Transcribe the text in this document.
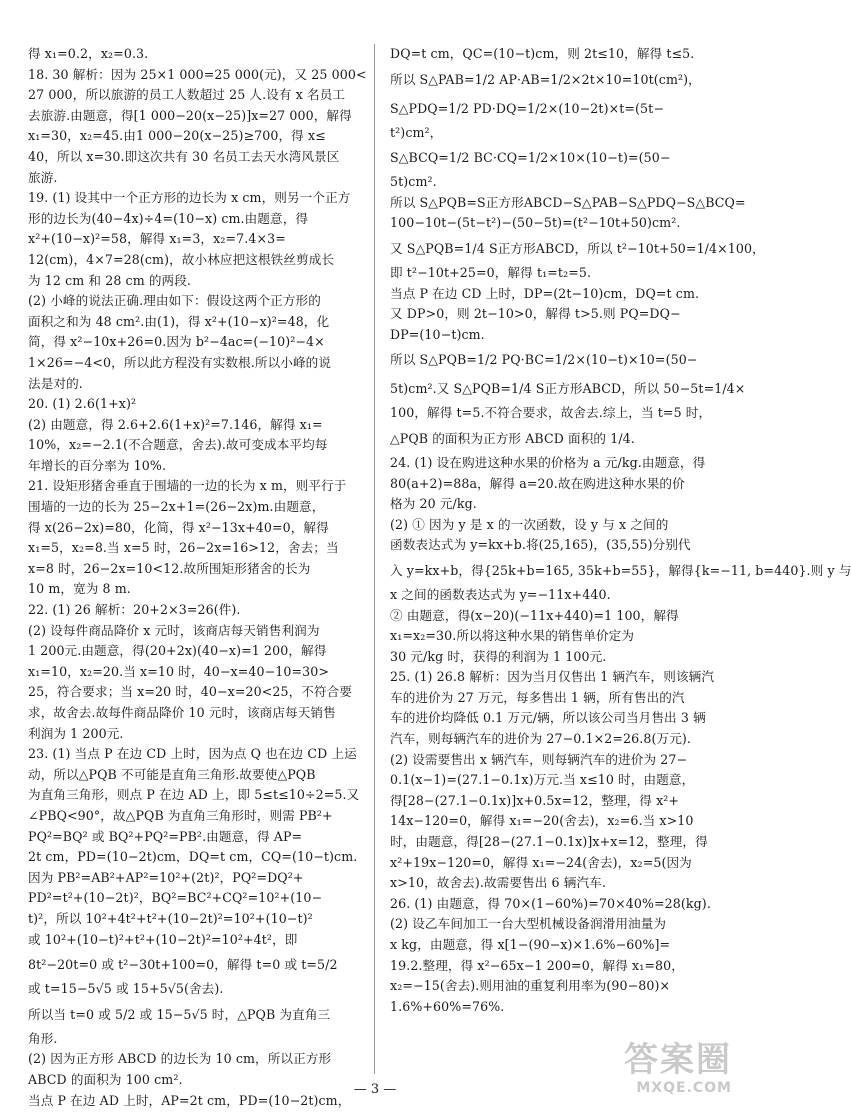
得 x₁=0.2，x₂=0.3.
18. 30 解析：因为 25×1 000=25 000(元)，又 25 000<
27 000，所以旅游的员工人数超过 25 人.设有 x 名员工
去旅游.由题意，得[1 000−20(x−25)]x=27 000，解得
x₁=30，x₂=45.由1 000−20(x−25)≥700，得 x≤
40，所以 x=30.即这次共有 30 名员工去天水湾风景区
旅游.
19. (1) 设其中一个正方形的边长为 x cm，则另一个正方
形的边长为(40−4x)÷4=(10−x) cm.由题意，得
x²+(10−x)²=58，解得 x₁=3，x₂=7.4×3=
12(cm)，4×7=28(cm)，故小林应把这根铁丝剪成长
为 12 cm 和 28 cm 的两段.
(2) 小峰的说法正确.理由如下：假设这两个正方形的
面积之和为 48 cm².由(1)，得 x²+(10−x)²=48，化
简，得 x²−10x+26=0.因为 b²−4ac=(−10)²−4×
1×26=−4<0，所以此方程没有实数根.所以小峰的说
法是对的.
20. (1) 2.6(1+x)²
(2) 由题意，得 2.6+2.6(1+x)²=7.146，解得 x₁=
10%，x₂=−2.1(不合题意，舍去).故可变成本平均每
年增长的百分率为 10%.
21. 设矩形猪舍垂直于围墙的一边的长为 x m，则平行于
围墙的一边的长为 25−2x+1=(26−2x)m.由题意，
得 x(26−2x)=80，化简，得 x²−13x+40=0，解得
x₁=5，x₂=8.当 x=5 时，26−2x=16>12，舍去；当
x=8 时，26−2x=10<12.故所围矩形猪舍的长为
10 m，宽为 8 m.
22. (1) 26 解析：20+2×3=26(件).
(2) 设每件商品降价 x 元时，该商店每天销售利润为
1 200元.由题意，得(20+2x)(40−x)=1 200，解得
x₁=10，x₂=20.当 x=10 时，40−x=40−10=30>
25，符合要求；当 x=20 时，40−x=20<25，不符合要
求，故舍去.故每件商品降价 10 元时，该商店每天销售
利润为 1 200元.
23. (1) 当点 P 在边 CD 上时，因为点 Q 也在边 CD 上运
动，所以△PQB 不可能是直角三角形.故要使△PQB
为直角三角形，则点 P 在边 AD 上，即 5≤t≤10÷2=5.又
∠PBQ<90°，故△PQB 为直角三角形时，则需 PB²+
PQ²=BQ² 或 BQ²+PQ²=PB².由题意，得 AP=
2t cm，PD=(10−2t)cm，DQ=t cm，CQ=(10−t)cm.
因为 PB²=AB²+AP²=10²+(2t)²，PQ²=DQ²+
PD²=t²+(10−2t)²，BQ²=BC²+CQ²=10²+(10−
t)²，所以 10²+4t²+t²+(10−2t)²=10²+(10−t)²
或 10²+(10−t)²+t²+(10−2t)²=10²+4t²，即
8t²−20t=0 或 t²−30t+100=0，解得 t=0 或 t=5/2
或 t=15−5√5 或 15+5√5(舍去).
所以当 t=0 或 5/2 或 15−5√5 时，△PQB 为直角三
角形.
(2) 因为正方形 ABCD 的边长为 10 cm，所以正方形
ABCD 的面积为 100 cm².
当点 P 在边 AD 上时，AP=2t cm，PD=(10−2t)cm，
DQ=t cm，QC=(10−t)cm，则 2t≤10，解得 t≤5.
所以 S△PAB=1/2 AP·AB=1/2×2t×10=10t(cm²)，
S△PDQ=1/2 PD·DQ=1/2×(10−2t)×t=(5t−
t²)cm²，
S△BCQ=1/2 BC·CQ=1/2×10×(10−t)=(50−
5t)cm².
所以 S△PQB=S正方形ABCD−S△PAB−S△PDQ−S△BCQ=
100−10t−(5t−t²)−(50−5t)=(t²−10t+50)cm².
又 S△PQB=1/4 S正方形ABCD，所以 t²−10t+50=1/4×100，
即 t²−10t+25=0，解得 t₁=t₂=5.
当点 P 在边 CD 上时，DP=(2t−10)cm，DQ=t cm.
又 DP>0，则 2t−10>0，解得 t>5.则 PQ=DQ−
DP=(10−t)cm.
所以 S△PQB=1/2 PQ·BC=1/2×(10−t)×10=(50−
5t)cm².又 S△PQB=1/4 S正方形ABCD，所以 50−5t=1/4×
100，解得 t=5.不符合要求，故舍去.综上，当 t=5 时，
△PQB 的面积为正方形 ABCD 面积的 1/4.
24. (1) 设在购进这种水果的价格为 a 元/kg.由题意，得
80(a+2)=88a，解得 a=20.故在购进这种水果的价
格为 20 元/kg.
(2) ① 因为 y 是 x 的一次函数，设 y 与 x 之间的
函数表达式为 y=kx+b.将(25,165)，(35,55)分别代
入 y=kx+b，得{25k+b=165, 35k+b=55}，解得{k=−11, b=440}.则 y 与
x 之间的函数表达式为 y=−11x+440.
② 由题意，得(x−20)(−11x+440)=1 100，解得
x₁=x₂=30.所以将这种水果的销售单价定为
30 元/kg 时，获得的利润为 1 100元.
25. (1) 26.8 解析：因为当月仅售出 1 辆汽车，则该辆汽
车的进价为 27 万元，每多售出 1 辆，所有售出的汽
车的进价均降低 0.1 万元/辆，所以该公司当月售出 3 辆
汽车，则每辆汽车的进价为 27−0.1×2=26.8(万元).
(2) 设需要售出 x 辆汽车，则每辆汽车的进价为 27−
0.1(x−1)=(27.1−0.1x)万元.当 x≤10 时，由题意，
得[28−(27.1−0.1x)]x+0.5x=12，整理，得 x²+
14x−120=0，解得 x₁=−20(舍去)，x₂=6.当 x>10
时，由题意，得[28−(27.1−0.1x)]x+x=12，整理，得
x²+19x−120=0，解得 x₁=−24(舍去)，x₂=5(因为
x>10，故舍去).故需要售出 6 辆汽车.
26. (1) 由题意，得 70×(1−60%)=70×40%=28(kg).
(2) 设乙车间加工一台大型机械设备润滑用油量为
x kg，由题意，得 x[1−(90−x)×1.6%−60%]=
19.2.整理，得 x²−65x−1 200=0，解得 x₁=80，
x₂=−15(舍去).则用油的重复利用率为(90−80)×
1.6%+60%=76%.
— 3 —
答案圈
MXQE.COM
